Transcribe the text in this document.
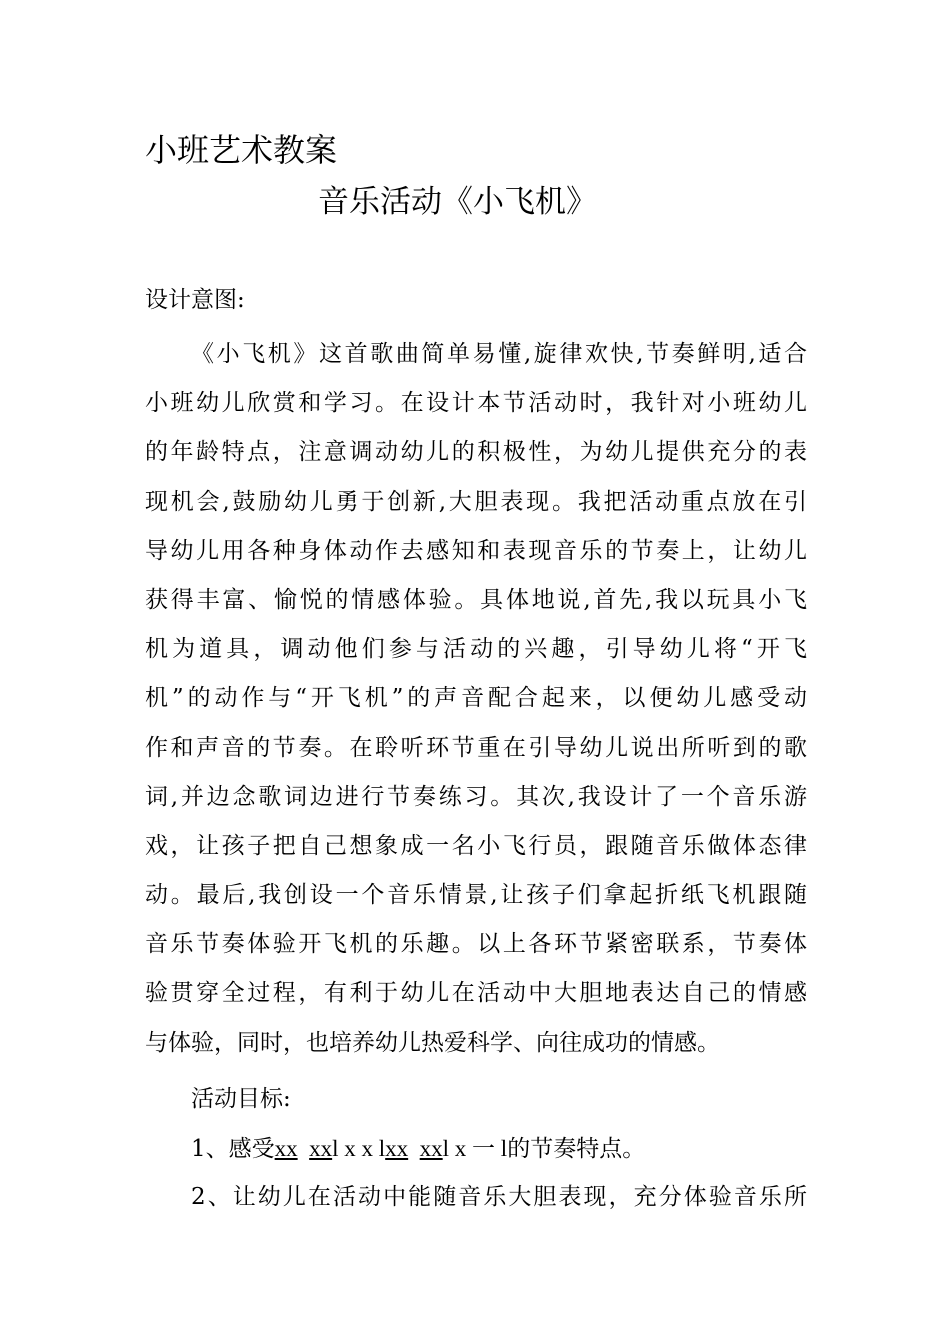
小班艺术教案
音乐活动《小飞机》
设计意图:
《小飞机》这首歌曲简单易懂,旋律欢快,节奏鲜明,适合
小班幼儿欣赏和学习。在设计本节活动时，我针对小班幼儿
的年龄特点，注意调动幼儿的积极性，为幼儿提供充分的表
现机会,鼓励幼儿勇于创新,大胆表现。我把活动重点放在引
导幼儿用各种身体动作去感知和表现音乐的节奏上，让幼儿
获得丰富、愉悦的情感体验。具体地说,首先,我以玩具小飞
机为道具，调动他们参与活动的兴趣，引导幼儿将“开飞
机”的动作与“开飞机”的声音配合起来，以便幼儿感受动
作和声音的节奏。在聆听环节重在引导幼儿说出所听到的歌
词,并边念歌词边进行节奏练习。其次,我设计了一个音乐游
戏，让孩子把自己想象成一名小飞行员，跟随音乐做体态律
动。最后,我创设一个音乐情景,让孩子们拿起折纸飞机跟随
音乐节奏体验开飞机的乐趣。以上各环节紧密联系，节奏体
验贯穿全过程，有利于幼儿在活动中大胆地表达自己的情感
与体验，同时，也培养幼儿热爱科学、向往成功的情感。
活动目标:
1、感受xx xxl x x lxx xxl x 一 l的节奏特点。
2、让幼儿在活动中能随音乐大胆表现，充分体验音乐所
